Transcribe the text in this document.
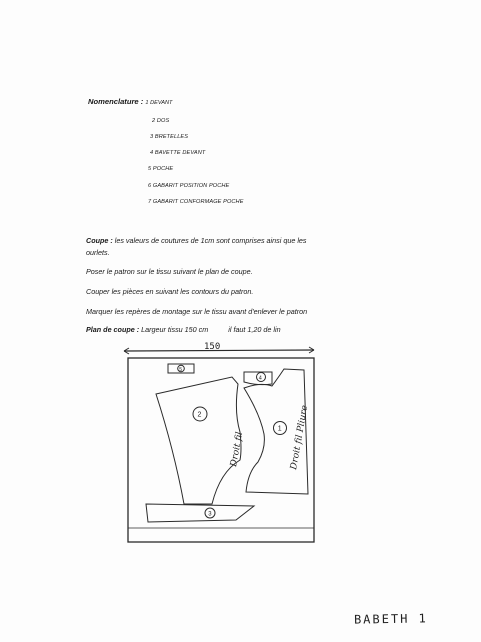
Nomenclature : 1 DEVANT
2 DOS
3 BRETELLES
4 BAVETTE DEVANT
5 POCHE
6 GABARIT POSITION POCHE
7 GABARIT CONFORMAGE POCHE
Coupe : les valeurs de coutures de 1cm sont comprises ainsi que les
ourlets.
Poser le patron sur le tissu suivant le plan de coupe.
Couper les pièces en suivant les contours du patron.
Marquer les repères de montage sur le tissu avant d'enlever le patron
Plan de coupe : Largeur tissu 150 cm	il faut 1,20 de lin
150
5
2
Droit fil
4
1 Droit fil Pliure
3
BABETH 1
